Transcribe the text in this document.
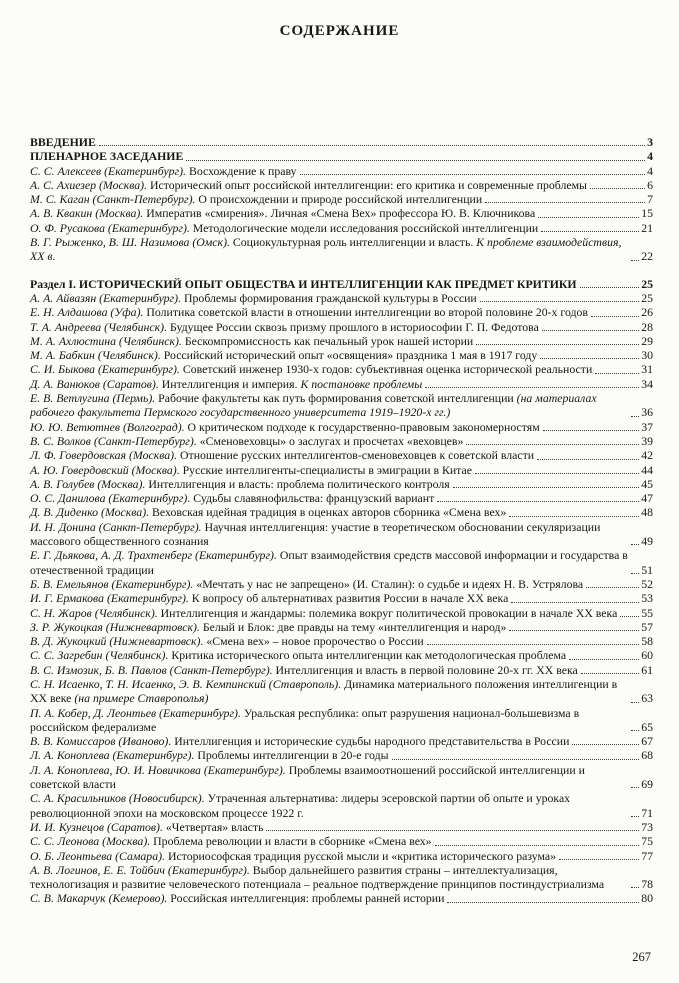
СОДЕРЖАНИЕ
ВВЕДЕНИЕ	3
ПЛЕНАРНОЕ ЗАСЕДАНИЕ	4
С. С. Алексеев (Екатеринбург). Восхождение к праву	4
А. С. Ахиезер (Москва). Исторический опыт российской интеллигенции: его критика и современные проблемы	6
М. С. Каган (Санкт-Петербург). О происхождении и природе российской интеллигенции	7
А. В. Квакин (Москва). Императив «смирения». Личная «Смена Вех» профессора Ю. В. Ключникова	15
О. Ф. Русакова (Екатеринбург). Методологические модели исследования российской интеллигенции	21
В. Г. Рыженко, В. Ш. Назимова (Омск). Социокультурная роль интеллигенции и власть. К проблеме взаимодействия, XX в.	22
Раздел I. ИСТОРИЧЕСКИЙ ОПЫТ ОБЩЕСТВА И ИНТЕЛЛИГЕНЦИИ КАК ПРЕДМЕТ КРИТИКИ	25
А. А. Айвазян (Екатеринбург). Проблемы формирования гражданской культуры в России	25
Е. Н. Алдашова (Уфа). Политика советской власти в отношении интеллигенции во второй половине 20-х годов	26
Т. А. Андреева (Челябинск). Будущее России сквозь призму прошлого в историософии Г. П. Федотова	28
М. А. Ахлюстина (Челябинск). Бескомпромиссность как печальный урок нашей истории	29
М. А. Бабкин (Челябинск). Российский исторический опыт «освящения» праздника 1 мая в 1917 году	30
С. И. Быкова (Екатеринбург). Советский инженер 1930-х годов: субъективная оценка исторической реальности	31
Д. А. Ванюков (Саратов). Интеллигенция и империя. К постановке проблемы	34
Е. В. Ветлугина (Пермь). Рабочие факультеты как путь формирования советской интеллигенции (на материалах рабочего факультета Пермского государственного университета 1919–1920-х гг.)	36
Ю. Ю. Ветютнев (Волгоград). О критическом подходе к государственно-правовым закономерностям	37
В. С. Волков (Санкт-Петербург). «Сменовеховцы» о заслугах и просчетах «веховцев»	39
Л. Ф. Говердовская (Москва). Отношение русских интеллигентов-сменовеховцев к советской власти	42
А. Ю. Говердовский (Москва). Русские интеллигенты-специалисты в эмиграции в Китае	44
А. В. Голубев (Москва). Интеллигенция и власть: проблема политического контроля	45
О. С. Данилова (Екатеринбург). Судьбы славянофильства: французский вариант	47
Д. В. Диденко (Москва). Веховская идейная традиция в оценках авторов сборника «Смена вех»	48
И. Н. Донина (Санкт-Петербург). Научная интеллигенция: участие в теоретическом обосновании секуляризации массового общественного сознания	49
Е. Г. Дьякова, А. Д. Трахтенберг (Екатеринбург). Опыт взаимодействия средств массовой информации и государства в отечественной традиции	51
Б. В. Емельянов (Екатеринбург). «Мечтать у нас не запрещено» (И. Сталин): о судьбе и идеях Н. В. Устрялова	52
И. Г. Ермакова (Екатеринбург). К вопросу об альтернативах развития России в начале XX века	53
С. Н. Жаров (Челябинск). Интеллигенция и жандармы: полемика вокруг политической провокации в начале XX века 55
З. Р. Жукоцкая (Нижневартовск). Белый и Блок: две правды на тему «интеллигенция и народ»	57
В. Д. Жукоцкий (Нижневартовск). «Смена вех» – новое пророчество о России	58
С. С. Загребин (Челябинск). Критика исторического опыта интеллигенции как методологическая проблема	60
В. С. Измозик, Б. В. Павлов (Санкт-Петербург). Интеллигенция и власть в первой половине 20-х гг. XX века	61
С. Н. Исаенко, Т. Н. Исаенко, Э. В. Кемпинский (Ставрополь). Динамика материального положения интеллигенции в XX веке (на примере Ставрополья)	63
П. А. Кобер, Д. Леонтьев (Екатеринбург). Уральская республика: опыт разрушения национал-большевизма в российском федерализме	65
В. В. Комиссаров (Иваново). Интеллигенция и исторические судьбы народного представительства в России	67
Л. А. Коноплева (Екатеринбург). Проблемы интеллигенции в 20-е годы	68
Л. А. Коноплева, Ю. И. Новичкова (Екатеринбург). Проблемы взаимоотношений российской интеллигенции и советской власти	69
С. А. Красильников (Новосибирск). Утраченная альтернатива: лидеры эсеровской партии об опыте и уроках революционной эпохи на московском процессе 1922 г.	71
И. И. Кузнецов (Саратов). «Четвертая» власть	73
С. С. Леонова (Москва). Проблема революции и власти в сборнике «Смена вех»	75
О. Б. Леонтьева (Самара). Историософская традиция русской мысли и «критика исторического разума»	77
А. В. Логинов, Е. Е. Тойбич (Екатеринбург). Выбор дальнейшего развития страны – интеллектуализация, технологизация и развитие человеческого потенциала – реальное подтверждение принципов постиндустриализма	78
С. В. Макарчук (Кемерово). Российская интеллигенция: проблемы ранней истории	80
267
